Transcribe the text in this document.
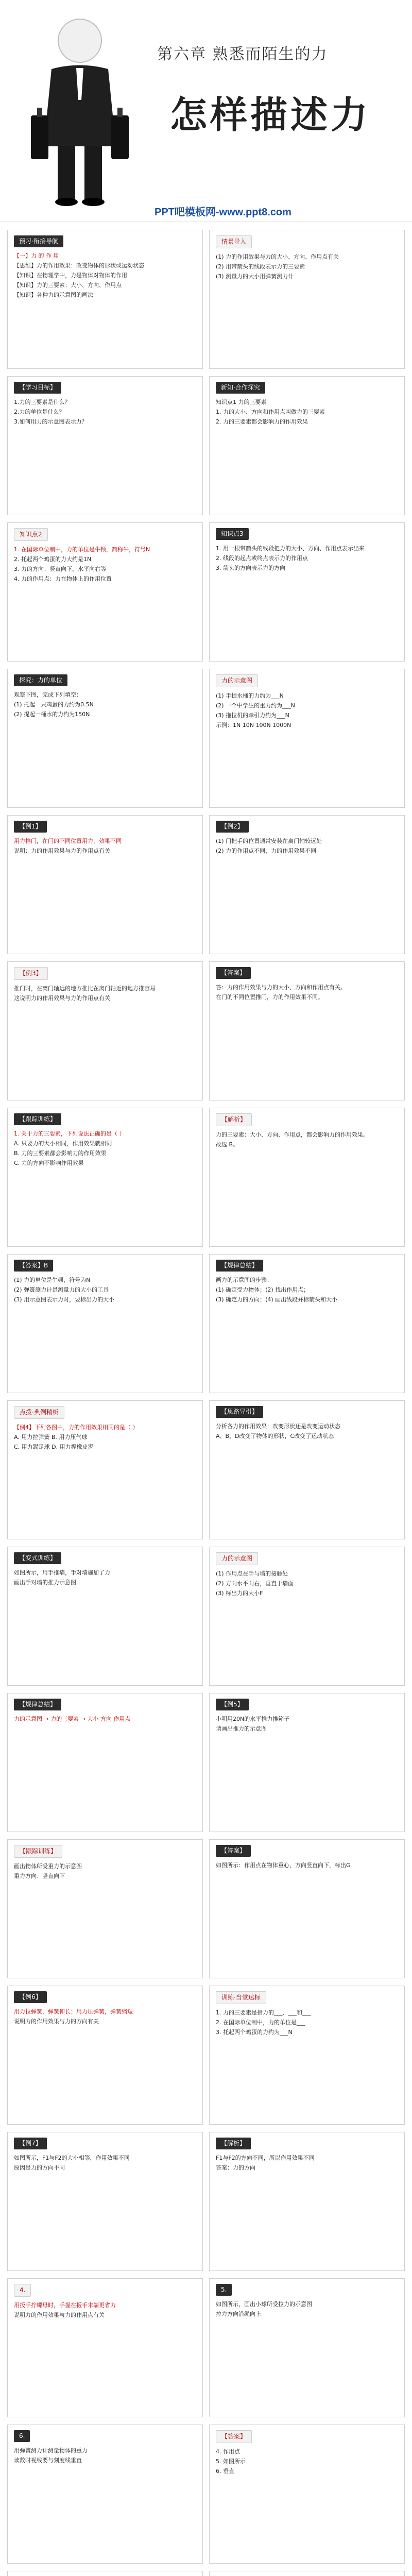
第六章 熟悉而陌生的力
怎样描述力
PPT吧模板网-www.ppt8.com
预习·衔接导航
【一】力 的 作 用
【思维】力的作用效果：改变物体的形状或运动状态
【知识】在物理学中，力是物体对物体的作用
【知识】力的三要素：大小、方向、作用点
【知识】各种力的示意图的画法
情景导入
(1) 力的作用效果与力的大小、方向、作用点有关
(2) 用带箭头的线段表示力的三要素
(3) 测量力的大小用弹簧测力计
【学习目标】
1.力的三要素是什么？
2.力的单位是什么？
3.如何用力的示意图表示力？
新知·合作探究
知识点1 力的三要素
1. 力的大小、方向和作用点叫做力的三要素
2. 力的三要素都会影响力的作用效果
知识点2
1. 在国际单位制中，力的单位是牛顿，简称牛，符号N
2. 托起两个鸡蛋的力大约是1N
3. 力的方向：竖直向下、水平向右等
4. 力的作用点：力在物体上的作用位置
知识点3
1. 用一根带箭头的线段把力的大小、方向、作用点表示出来
2. 线段的起点或终点表示力的作用点
3. 箭头的方向表示力的方向
探究：力的单位
观察下图，完成下列填空：
(1) 托起一只鸡蛋的力约为0.5N
(2) 提起一桶水的力约为150N
力的示意图
(1) 手提水桶的力约为___N
(2) 一个中学生的重力约为___N
(3) 拖拉机的牵引力约为___N
示例：1N 10N 100N 1000N
【例1】
用力推门，在门的不同位置用力，效果不同
说明：力的作用效果与力的作用点有关
【例2】
(1) 门把手的位置通常安装在离门轴较远处
(2) 力的作用点不同，力的作用效果不同
【例3】
推门时，在离门轴远的地方推比在离门轴近的地方推容易
这说明力的作用效果与力的作用点有关
【答案】
答：力的作用效果与力的大小、方向和作用点有关。
在门的不同位置推门，力的作用效果不同。
【跟踪训练】
1. 关于力的三要素，下列说法正确的是（ ）
A. 只要力的大小相同，作用效果就相同
B. 力的三要素都会影响力的作用效果
C. 力的方向不影响作用效果
【解析】
力的三要素：大小、方向、作用点，都会影响力的作用效果。
故选 B。
【答案】B
(1) 力的单位是牛顿，符号为N
(2) 弹簧测力计是测量力的大小的工具
(3) 用示意图表示力时，要标出力的大小
【规律总结】
画力的示意图的步骤：
(1) 确定受力物体；(2) 找出作用点；
(3) 确定力的方向；(4) 画出线段并标箭头和大小
点拨·典例精析
【例4】下列各图中，力的作用效果相同的是（ ）
A. 用力拉弹簧 B. 用力压气球
C. 用力踢足球 D. 用力捏橡皮泥
【思路导引】
分析各力的作用效果：改变形状还是改变运动状态
A、B、D改变了物体的形状，C改变了运动状态
【变式训练】
如图所示，用手推墙，手对墙施加了力
画出手对墙的推力示意图
力的示意图
(1) 作用点在手与墙的接触处
(2) 方向水平向右，垂直于墙面
(3) 标出力的大小F
【规律总结】
力的示意图 → 力的三要素 → 大小 方向 作用点
【例5】
小明用20N的水平推力推箱子
请画出推力的示意图
【跟踪训练】
画出物体所受重力的示意图
重力方向：竖直向下
【答案】
如图所示：作用点在物体重心，方向竖直向下，标出G
【例6】
用力拉弹簧，弹簧伸长；用力压弹簧，弹簧缩短
说明力的作用效果与力的方向有关
训练·当堂达标
1. 力的三要素是指力的___、___和___
2. 在国际单位制中，力的单位是___
3. 托起两个鸡蛋的力约为___N
【例7】
如图所示，F1与F2的大小相等，作用效果不同
原因是力的方向不同
【解析】
F1与F2的方向不同，所以作用效果不同
答案：力的方向
4.
用扳手拧螺母时，手握在扳手末端更省力
说明力的作用效果与力的作用点有关
5.
如图所示，画出小球所受拉力的示意图
拉力方向沿绳向上
6.
用弹簧测力计测量物体的重力
读数时视线要与刻度线垂直
【答案】
4. 作用点
5. 如图所示
6. 垂直
